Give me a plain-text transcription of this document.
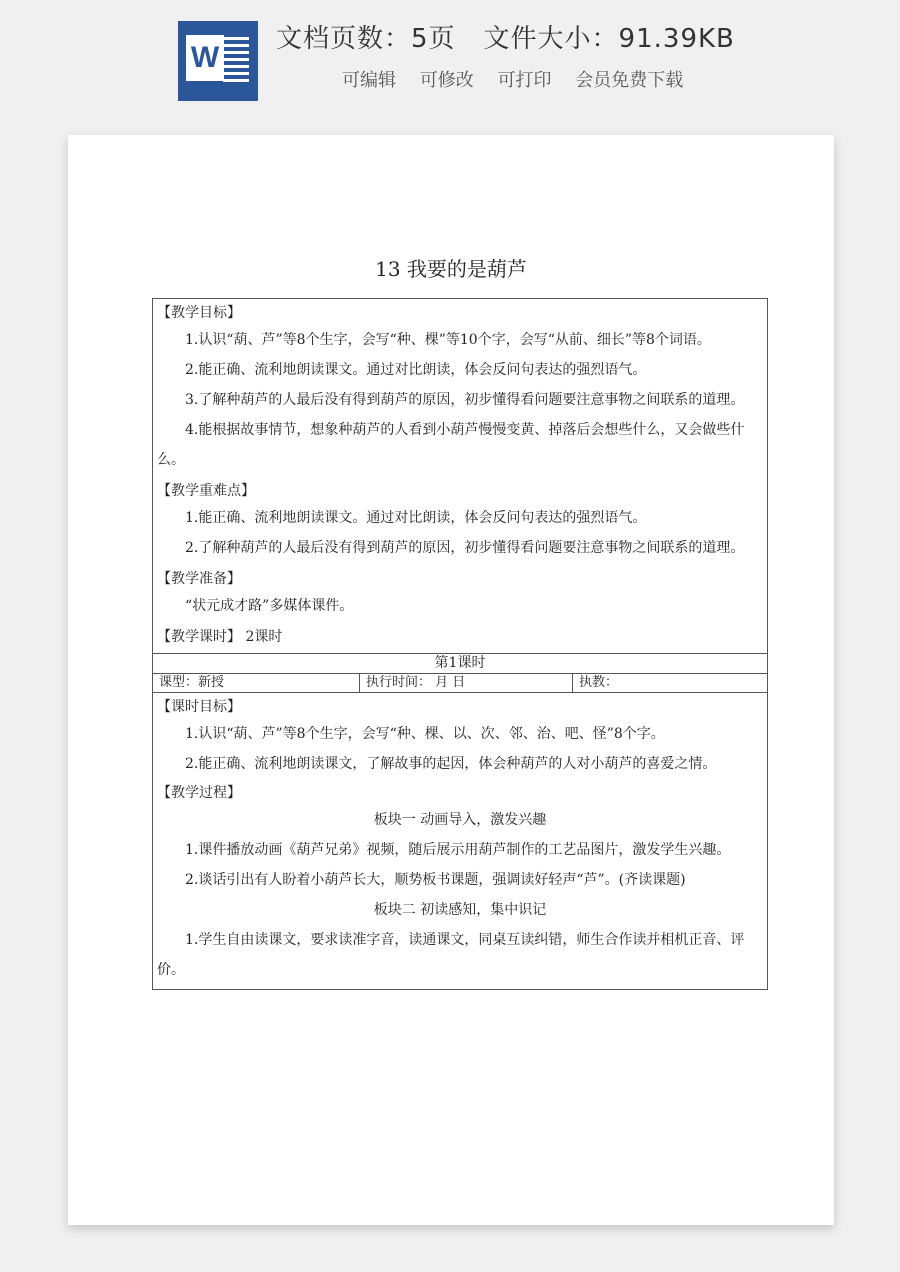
W
文档页数：5页 文件大小：91.39KB
可编辑 可修改 可打印 会员免费下载
13 我要的是葫芦
【教学目标】
1.认识“葫、芦”等8个生字，会写“种、棵”等10个字，会写“从前、细长”等8个词语。
2.能正确、流利地朗读课文。通过对比朗读，体会反问句表达的强烈语气。
3.了解种葫芦的人最后没有得到葫芦的原因，初步懂得看问题要注意事物之间联系的道理。
4.能根据故事情节，想象种葫芦的人看到小葫芦慢慢变黄、掉落后会想些什么，又会做些什么。
【教学重难点】
1.能正确、流利地朗读课文。通过对比朗读，体会反问句表达的强烈语气。
2.了解种葫芦的人最后没有得到葫芦的原因，初步懂得看问题要注意事物之间联系的道理。
【教学准备】
“状元成才路”多媒体课件。
【教学课时】 2课时
第1课时
课型：新授	执行时间： 月 日	执教：
【课时目标】
1.认识“葫、芦”等8个生字，会写“种、棵、以、次、邻、治、吧、怪”8个字。
2.能正确、流利地朗读课文，了解故事的起因，体会种葫芦的人对小葫芦的喜爱之情。
【教学过程】
板块一 动画导入，激发兴趣
1.课件播放动画《葫芦兄弟》视频，随后展示用葫芦制作的工艺品图片，激发学生兴趣。
2.谈话引出有人盼着小葫芦长大，顺势板书课题，强调读好轻声“芦”。(齐读课题)
板块二 初读感知，集中识记
1.学生自由读课文，要求读准字音，读通课文，同桌互读纠错，师生合作读并相机正音、评价。
